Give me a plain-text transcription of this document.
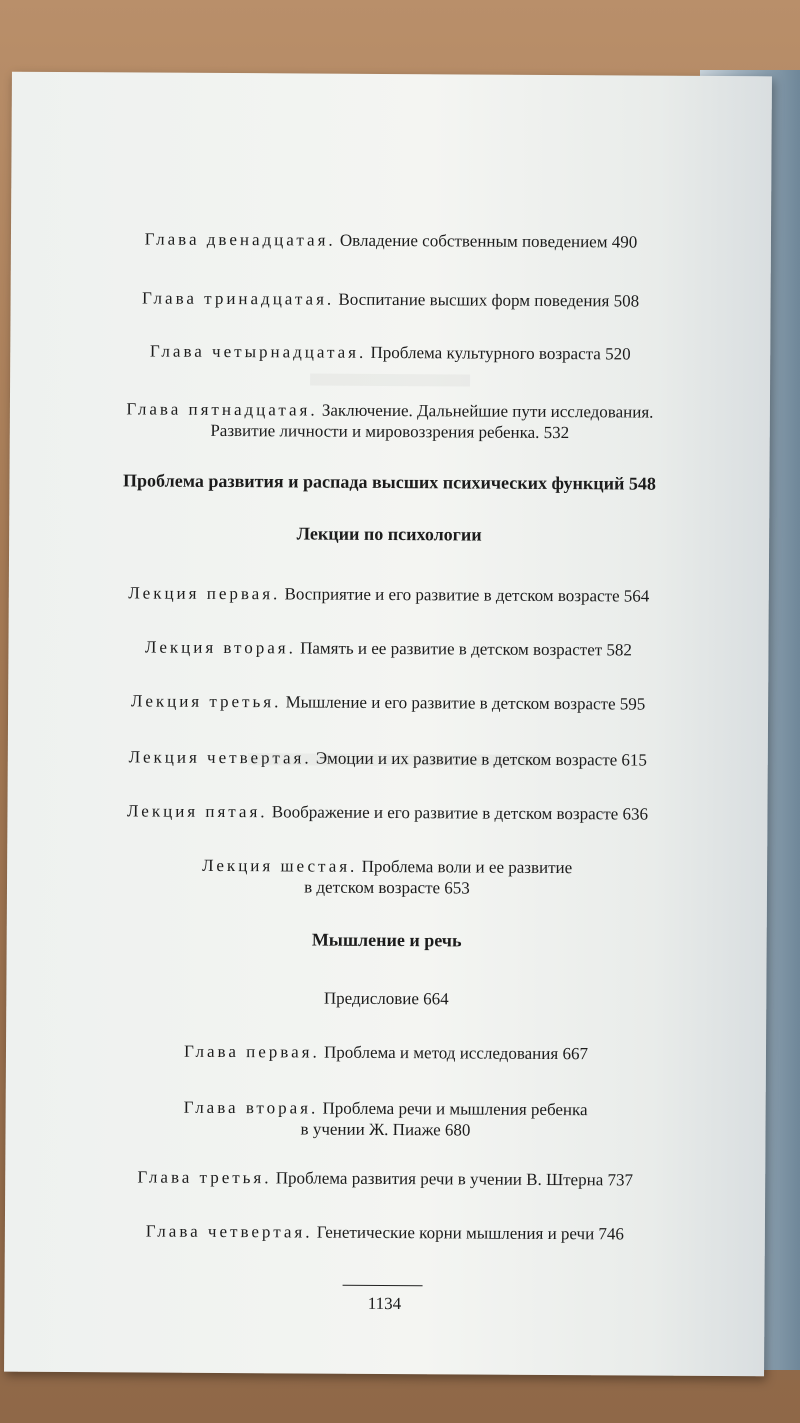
Глава двенадцатая. Овладение собственным поведением 490
Глава тринадцатая. Воспитание высших форм поведения 508
Глава четырнадцатая. Проблема культурного возраста 520
Глава пятнадцатая. Заключение. Дальнейшие пути исследования.
Развитие личности и мировоззрения ребенка. 532
Проблема развития и распада высших психических функций 548
Лекции по психологии
Лекция первая. Восприятие и его развитие в детском возрасте 564
Лекция вторая. Память и ее развитие в детском возрастет 582
Лекция третья. Мышление и его развитие в детском возрасте 595
Лекция четвертая. Эмоции и их развитие в детском возрасте 615
Лекция пятая. Воображение и его развитие в детском возрасте 636
Лекция шестая. Проблема воли и ее развитие
в детском возрасте 653
Мышление и речь
Предисловие 664
Глава первая. Проблема и метод исследования 667
Глава вторая. Проблема речи и мышления ребенка
в учении Ж. Пиаже 680
Глава третья. Проблема развития речи в учении В. Штерна 737
Глава четвертая. Генетические корни мышления и речи 746
1134
